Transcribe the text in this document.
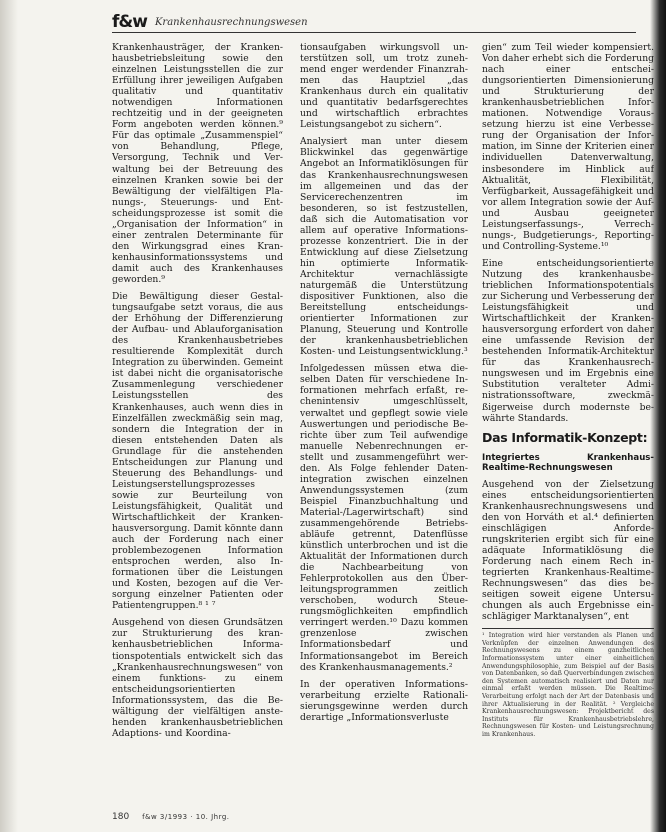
f&w Krankenhausrechnungswesen

Krankenhausträger, der Krankenhausbetriebsleitung sowie den einzelnen Leistungsstellen die zur Erfüllung ihrer jeweiligen Aufgaben qualitativ und quantitativ notwendigen Informationen rechtzeitig und in der geeigneten Form angeboten werden können.⁹ Für das optimale „Zusammenspiel“ von Behandlung, Pflege, Versorgung, Technik und Verwaltung bei der Betreuung des einzelnen Kranken sowie bei der Bewältigung der vielfältigen Planungs-, Steuerungs- und Entscheidungsprozesse ist somit die „Organisation der Information“ in einer zentralen Determinante für den Wirkungsgrad eines Krankenhausinformationssystems und damit auch des Krankenhauses geworden.⁹

Die Bewältigung dieser Gestaltungsaufgabe setzt voraus, die aus der Erhöhung der Differenzierung der Aufbau- und Ablauforganisation des Krankenhausbetriebes resultierende Komplexität durch Integration zu überwinden. Gemeint ist dabei nicht die organisatorische Zusammenlegung verschiedener Leistungsstellen des Krankenhauses, auch wenn dies in Einzelfällen zweckmäßig sein mag, sondern die Integration der in diesen entstehenden Daten als Grundlage für die anstehenden Entscheidungen zur Planung und Steuerung des Behandlungs- und Leistungserstellungsprozesses sowie zur Beurteilung von Leistungsfähigkeit, Qualität und Wirtschaftlichkeit der Krankenhausversorgung. Damit könnte dann auch der Forderung nach einer problembezogenen Information entsprochen werden, also Informationen über die Leistungen und Kosten, bezogen auf die Versorgung einzelner Patienten oder Patientengruppen.⁸ ¹ ⁷

Ausgehend von diesen Grundsätzen zur Strukturierung des krankenhausbetrieblichen Informationspotentials entwickelt sich das „Krankenhausrechnungswesen“ von einem funktions- zu einem entscheidungsorientierten Informationssystem, das die Bewältigung der vielfältigen anstehenden krankenhausbetrieblichen Adaptions- und Koordina-

tionsaufgaben wirkungsvoll unterstützen soll, um trotz zunehmend enger werdender Finanzrahmen das Hauptziel „das Krankenhaus durch ein qualitativ und quantitativ bedarfsgerechtes und wirtschaftlich erbrachtes Leistungsangebot zu sichern“.

Analysiert man unter diesem Blickwinkel das gegenwärtige Angebot an Informatiklösungen für das Krankenhausrechnungswesen im allgemeinen und das der Servicerechenzentren im besonderen, so ist festzustellen, daß sich die Automatisation vor allem auf operative Informationsprozesse konzentriert. Die in der Entwicklung auf diese Zielsetzung hin optimierte Informatik-Architektur vernachlässigte naturgemäß die Unterstützung dispositiver Funktionen, also die Bereitstellung entscheidungsorientierter Informationen zur Planung, Steuerung und Kontrolle der krankenhausbetrieblichen Kosten- und Leistungsentwicklung.³

Infolgedessen müssen etwa dieselben Daten für verschiedene Informationen mehrfach erfaßt, rechenintensiv umgeschlüsselt, verwaltet und gepflegt sowie viele Auswertungen und periodische Berichte über zum Teil aufwendige manuelle Nebenrechnungen erstellt und zusammengeführt werden. Als Folge fehlender Datenintegration zwischen einzelnen Anwendungssystemen (zum Beispiel Finanzbuchhaltung und Material-/Lagerwirtschaft) sind zusammengehörende Betriebsabläufe getrennt, Datenflüsse künstlich unterbrochen und ist die Aktualität der Informationen durch die Nachbearbeitung von Fehlerprotokollen aus den Überleitungsprogrammen zeitlich verschoben, wodurch Steuerungsmöglichkeiten empfindlich verringert werden.¹⁰ Dazu kommen grenzenlose zwischen Informationsbedarf und Informationsangebot im Bereich des Krankenhausmanagements.²

In der operativen Informationsverarbeitung erzielte Rationalisierungsgewinne werden durch derartige „Informationsverluste

gien“ zum Teil wieder kompensiert. Von daher erhebt sich die Forderung nach einer entscheidungsorientierten Dimensionierung und Strukturierung der krankenhausbetrieblichen Informationen. Notwendige Voraussetzung hierzu ist eine Verbesserung der Organisation der Information, im Sinne der Kriterien einer individuellen Datenverwaltung, insbesondere im Hinblick auf Aktualität, Flexibilität, Verfügbarkeit, Aussagefähigkeit und vor allem Integration sowie der Auf- und Ausbau geeigneter Leistungserfassungs-, Verrechnungs-, Budgetierungs-, Reporting- und Controlling-Systeme.¹⁰

Eine entscheidungsorientierte Nutzung des krankenhausbetrieblichen Informationspotentials zur Sicherung und Verbesserung der Leistungsfähigkeit und Wirtschaftlichkeit der Krankenhausversorgung erfordert von daher eine umfassende Revision der bestehenden Informatik-Architektur für das Krankenhausrechnungswesen und im Ergebnis eine Substitution veralteter Administrationssoftware, zweckmäßigerweise durch modernste bewährte Standards.

Das Informatik-Konzept:
Integriertes Krankenhaus-Realtime-Rechnungswesen

Ausgehend von der Zielsetzung eines entscheidungsorientierten Krankenhausrechnungswesens und den von Horváth et al.⁴ definierten einschlägigen Anforderungskriterien ergibt sich für eine adäquate Informatiklösung die Forderung nach einem Rech integrierten Krankenhaus-Realtime-Rechnungswesen“ das dies beseitigen soweit eigene Untersuchungen als auch Ergebnisse einschlägiger Marktanalysen“, ent

¹ Integration wird hier verstanden als Planen und Verknüpfen der einzelnen Anwendungen des Rechnungswesens zu einem ganzheitlichen Informationssystem unter einer einheitlichen Anwendungsphilosophie, zum Beispiel auf der Basis von Datenbanken, so daß Querverbindungen zwischen den Systemen automatisch realisiert und Daten nur einmal erfaßt werden müssen. Die Realtime-Verarbeitung erfolgt nach der Art der Datenbasis und ihrer Aktualisierung in der Realität. ² Vergleiche Krankenhausrechnungswesen: Projektbericht des Instituts für Krankenhausbetriebslehre, Rechnungswesen für Kosten- und Leistungsrechnung im Krankenhaus.
180 f&w 3/1993 · 10. Jhrg.
